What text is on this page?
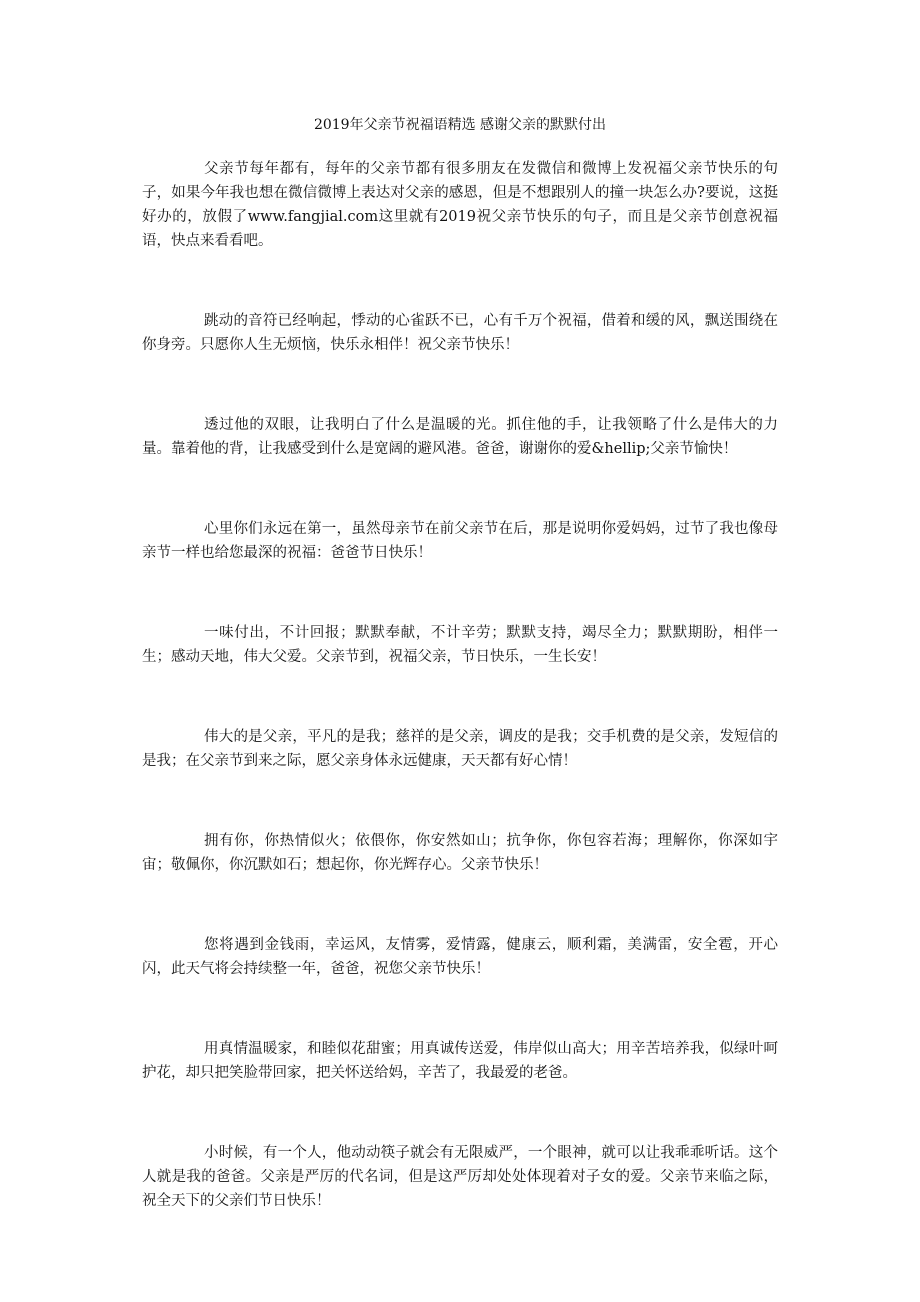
2019年父亲节祝福语精选 感谢父亲的默默付出

父亲节每年都有，每年的父亲节都有很多朋友在发微信和微博上发祝福父亲节快乐的句子，如果今年我也想在微信微博上表达对父亲的感恩，但是不想跟别人的撞一块怎么办?要说，这挺好办的，放假了www.fangjial.com这里就有2019祝父亲节快乐的句子，而且是父亲节创意祝福语，快点来看看吧。

跳动的音符已经响起，悸动的心雀跃不已，心有千万个祝福，借着和缓的风，飘送围绕在你身旁。只愿你人生无烦恼，快乐永相伴！祝父亲节快乐！

透过他的双眼，让我明白了什么是温暖的光。抓住他的手，让我领略了什么是伟大的力量。靠着他的背，让我感受到什么是宽阔的避风港。爸爸，谢谢你的爱&hellip;父亲节愉快！

心里你们永远在第一，虽然母亲节在前父亲节在后，那是说明你爱妈妈，过节了我也像母亲节一样也给您最深的祝福：爸爸节日快乐！

一味付出，不计回报；默默奉献，不计辛劳；默默支持，竭尽全力；默默期盼，相伴一生；感动天地，伟大父爱。父亲节到，祝福父亲，节日快乐，一生长安！

伟大的是父亲，平凡的是我；慈祥的是父亲，调皮的是我；交手机费的是父亲，发短信的是我；在父亲节到来之际，愿父亲身体永远健康，天天都有好心情！

拥有你，你热情似火；依偎你，你安然如山；抗争你，你包容若海；理解你，你深如宇宙；敬佩你，你沉默如石；想起你，你光辉存心。父亲节快乐！

您将遇到金钱雨，幸运风，友情雾，爱情露，健康云，顺利霜，美满雷，安全雹，开心闪，此天气将会持续整一年，爸爸，祝您父亲节快乐！

用真情温暖家，和睦似花甜蜜；用真诚传送爱，伟岸似山高大；用辛苦培养我，似绿叶呵护花，却只把笑脸带回家，把关怀送给妈，辛苦了，我最爱的老爸。

小时候，有一个人，他动动筷子就会有无限威严，一个眼神，就可以让我乖乖听话。这个人就是我的爸爸。父亲是严厉的代名词，但是这严厉却处处体现着对子女的爱。父亲节来临之际，祝全天下的父亲们节日快乐！
